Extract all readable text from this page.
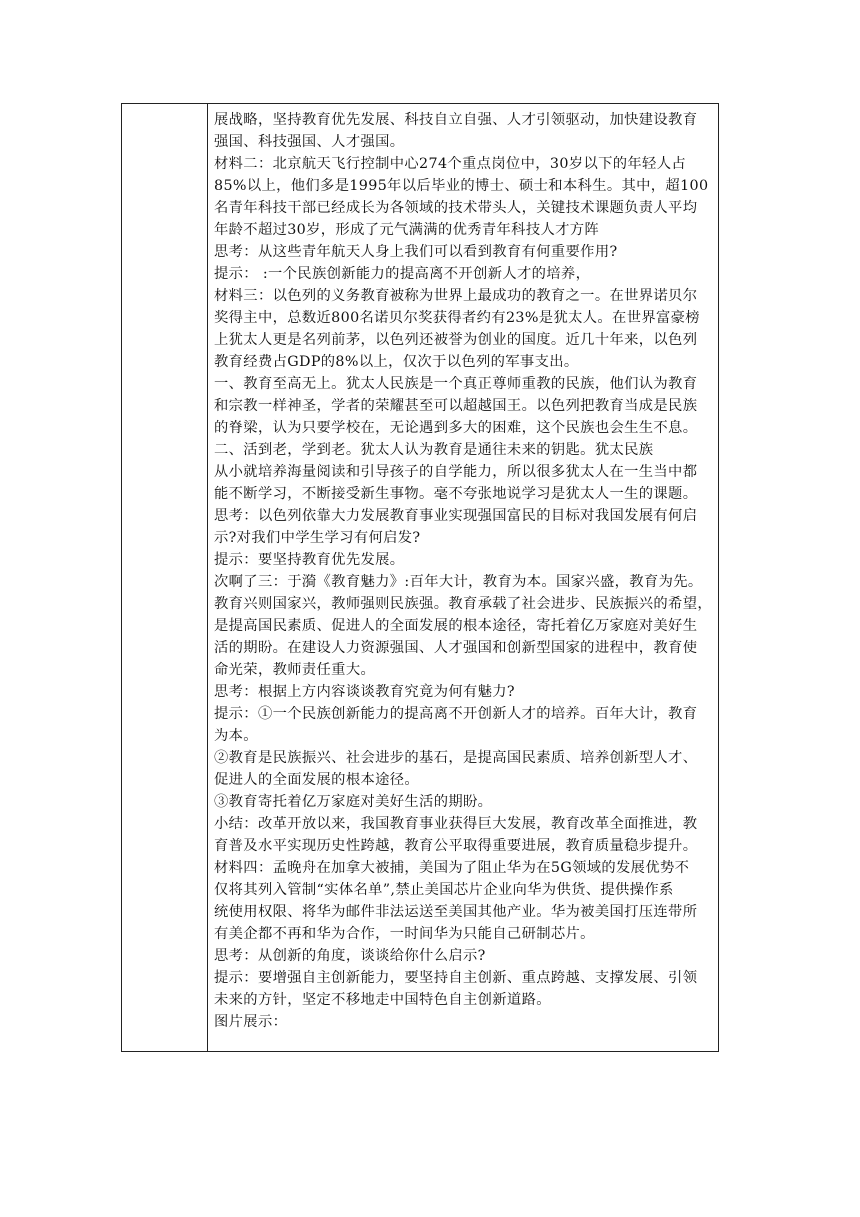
展战略，坚持教育优先发展、科技自立自强、人才引领驱动，加快建设教育
强国、科技强国、人才强国。
材料二：北京航天飞行控制中心274个重点岗位中，30岁以下的年轻人占
85%以上，他们多是1995年以后毕业的博士、硕士和本科生。其中，超100
名青年科技干部已经成长为各领域的技术带头人，关键技术课题负责人平均
年龄不超过30岁，形成了元气满满的优秀青年科技人才方阵
思考：从这些青年航天人身上我们可以看到教育有何重要作用?
提示： :一个民族创新能力的提高离不开创新人才的培养，
材料三：以色列的义务教育被称为世界上最成功的教育之一。在世界诺贝尔
奖得主中，总数近800名诺贝尔奖获得者约有23%是犹太人。在世界富豪榜
上犹太人更是名列前茅，以色列还被誉为创业的国度。近几十年来，以色列
教育经费占GDP的8%以上，仅次于以色列的军事支出。
一、教育至高无上。犹太人民族是一个真正尊师重教的民族，他们认为教育
和宗教一样神圣，学者的荣耀甚至可以超越国王。以色列把教育当成是民族
的脊梁，认为只要学校在，无论遇到多大的困难，这个民族也会生生不息。
二、活到老，学到老。犹太人认为教育是通往未来的钥匙。犹太民族
从小就培养海量阅读和引导孩子的自学能力，所以很多犹太人在一生当中都
能不断学习，不断接受新生事物。毫不夸张地说学习是犹太人一生的课题。
思考：以色列依靠大力发展教育事业实现强国富民的目标对我国发展有何启
示?对我们中学生学习有何启发?
提示：要坚持教育优先发展。
次啊了三：于漪《教育魅力》:百年大计，教育为本。国家兴盛，教育为先。
教育兴则国家兴，教师强则民族强。教育承载了社会进步、民族振兴的希望，
是提高国民素质、促进人的全面发展的根本途径，寄托着亿万家庭对美好生
活的期盼。在建设人力资源强国、人才强国和创新型国家的进程中，教育使
命光荣，教师责任重大。
思考：根据上方内容谈谈教育究竟为何有魅力?
提示：①一个民族创新能力的提高离不开创新人才的培养。百年大计，教育
为本。
②教育是民族振兴、社会进步的基石，是提高国民素质、培养创新型人才、
促进人的全面发展的根本途径。
③教育寄托着亿万家庭对美好生活的期盼。
小结：改革开放以来，我国教育事业获得巨大发展，教育改革全面推进，教
育普及水平实现历史性跨越，教育公平取得重要进展，教育质量稳步提升。
材料四：孟晚舟在加拿大被捕，美国为了阻止华为在5G领域的发展优势不
仅将其列入管制“实体名单”,禁止美国芯片企业向华为供货、提供操作系
统使用权限、将华为邮件非法运送至美国其他产业。华为被美国打压连带所
有美企都不再和华为合作，一时间华为只能自己研制芯片。
思考：从创新的角度，谈谈给你什么启示?
提示：要增强自主创新能力，要坚持自主创新、重点跨越、支撑发展、引领
未来的方针，坚定不移地走中国特色自主创新道路。
图片展示：
